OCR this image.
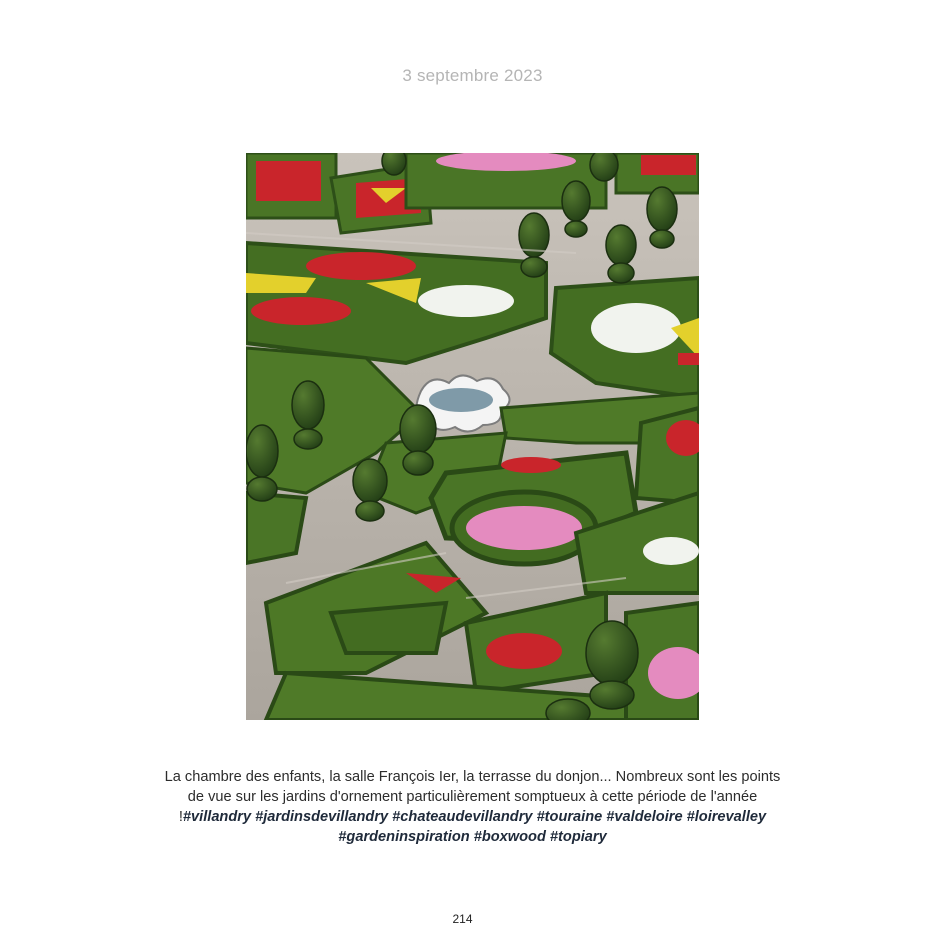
3 septembre 2023
La chambre des enfants, la salle François Ier, la terrasse du donjon... Nombreux sont les points de vue sur les jardins d'ornement particulièrement somptueux à cette période de l'année !#villandry #jardinsdevillandry #chateaudevillandry #touraine #valdeloire #loirevalley #gardeninspiration #boxwood #topiary
214
